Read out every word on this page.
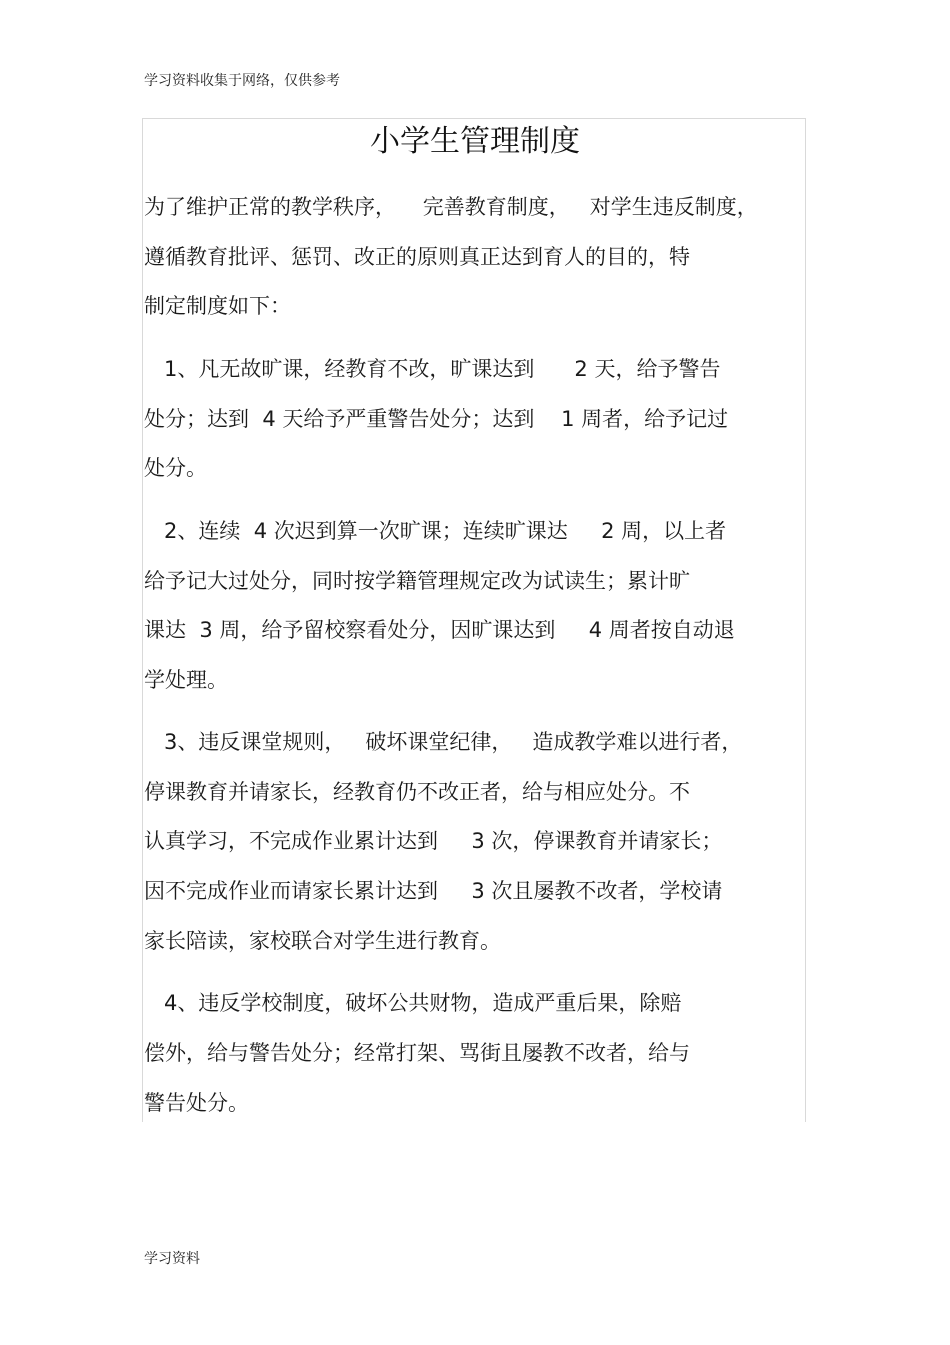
学习资料收集于网络，仅供参考
小学生管理制度
为了维护正常的教学秩序，    完善教育制度，   对学生违反制度，
遵循教育批评、惩罚、改正的原则真正达到育人的目的，特
制定制度如下：
1、凡无故旷课，经教育不改，旷课达到      2 天，给予警告
处分；达到  4 天给予严重警告处分；达到    1 周者，给予记过
处分。
2、连续  4 次迟到算一次旷课；连续旷课达     2 周，以上者
给予记大过处分，同时按学籍管理规定改为试读生；累计旷
课达  3 周，给予留校察看处分，因旷课达到     4 周者按自动退
学处理。
3、违反课堂规则，   破坏课堂纪律，   造成教学难以进行者，
停课教育并请家长，经教育仍不改正者，给与相应处分。不
认真学习，不完成作业累计达到     3 次，停课教育并请家长；
因不完成作业而请家长累计达到     3 次且屡教不改者，学校请
家长陪读，家校联合对学生进行教育。
4、违反学校制度，破坏公共财物，造成严重后果，除赔
偿外，给与警告处分；经常打架、骂街且屡教不改者，给与
警告处分。
学习资料
